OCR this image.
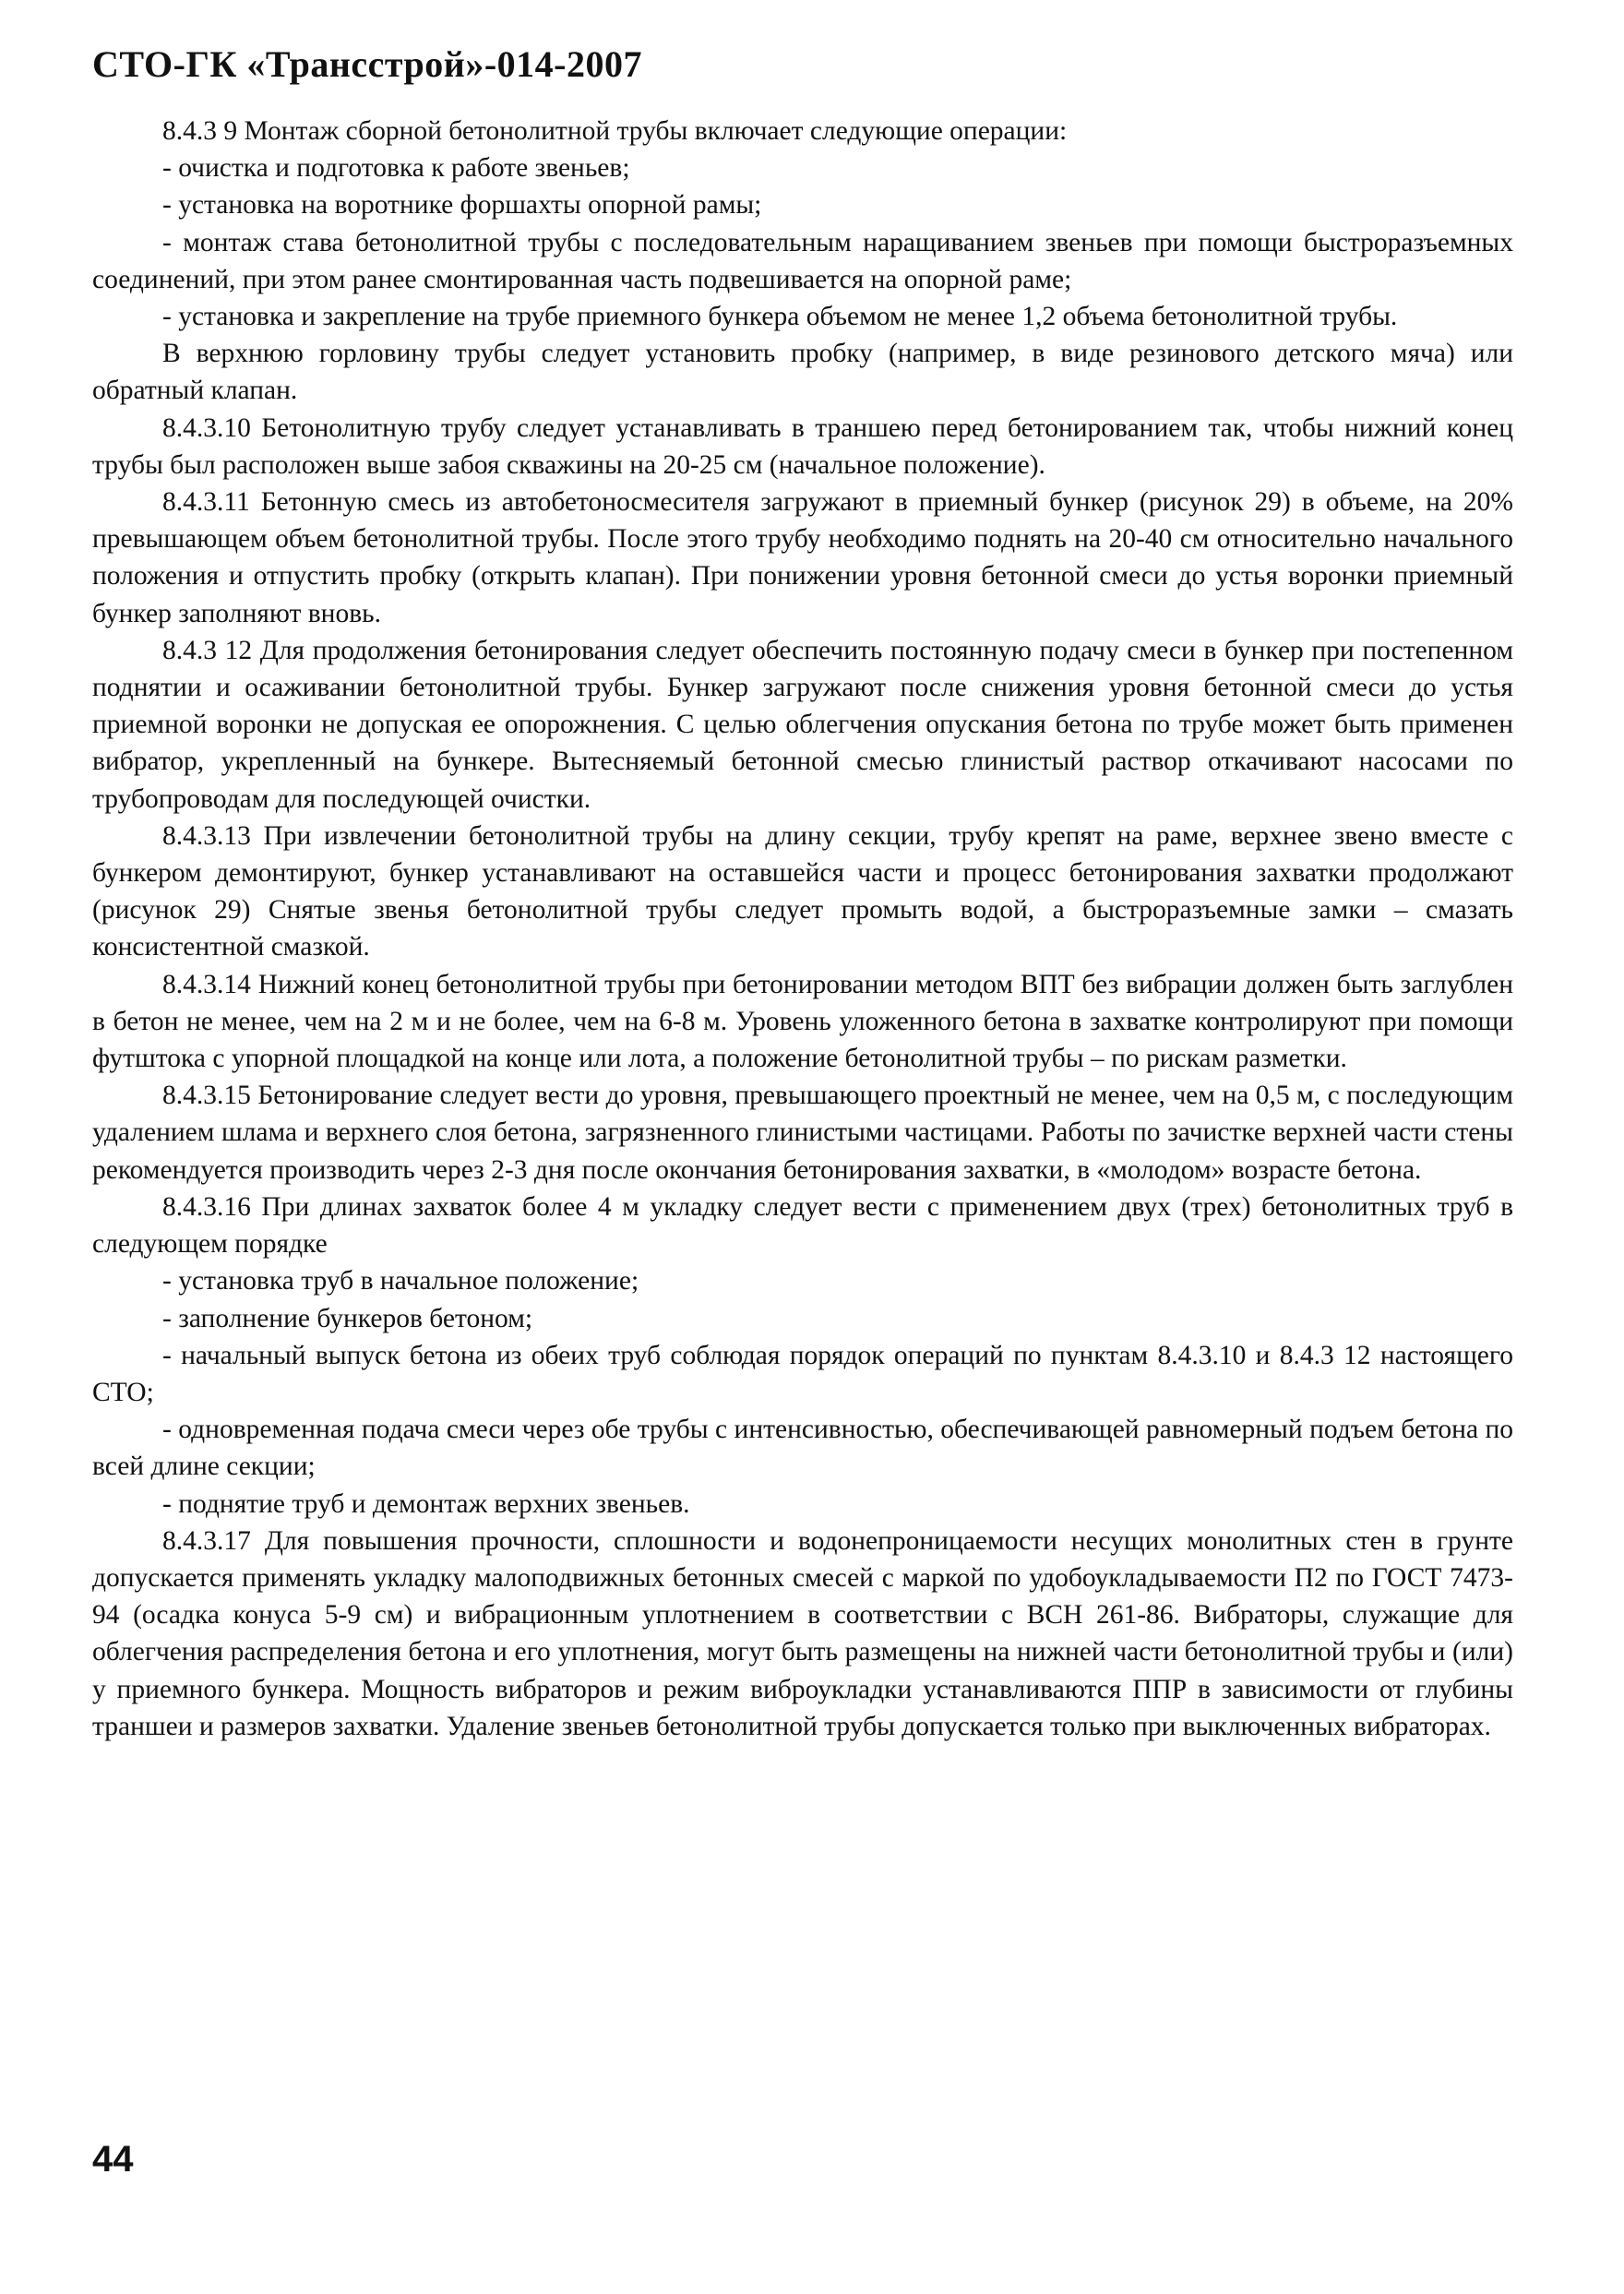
СТО-ГК «Трансстрой»-014-2007

8.4.3 9 Монтаж сборной бетонолитной трубы включает следующие операции:

- очистка и подготовка к работе звеньев;

- установка на воротнике форшахты опорной рамы;

- монтаж става бетонолитной трубы с последовательным наращиванием звеньев при помощи быстроразъемных соединений, при этом ранее смонтированная часть подвешивается на опорной раме;

- установка и закрепление на трубе приемного бункера объемом не менее 1,2 объема бетонолитной трубы.

В верхнюю горловину трубы следует установить пробку (например, в виде резинового детского мяча) или обратный клапан.

8.4.3.10 Бетонолитную трубу следует устанавливать в траншею перед бетонированием так, чтобы нижний конец трубы был расположен выше забоя скважины на 20-25 см (начальное положение).

8.4.3.11 Бетонную смесь из автобетоносмесителя загружают в приемный бункер (рисунок 29) в объеме, на 20% превышающем объем бетонолитной трубы. После этого трубу необходимо поднять на 20-40 см относительно начального положения и отпустить пробку (открыть клапан). При понижении уровня бетонной смеси до устья воронки приемный бункер заполняют вновь.

8.4.3 12 Для продолжения бетонирования следует обеспечить постоянную подачу смеси в бункер при постепенном поднятии и осаживании бетонолитной трубы. Бункер загружают после снижения уровня бетонной смеси до устья приемной воронки не допуская ее опорожнения. С целью облегчения опускания бетона по трубе может быть применен вибратор, укрепленный на бункере. Вытесняемый бетонной смесью глинистый раствор откачивают насосами по трубопроводам для последующей очистки.

8.4.3.13 При извлечении бетонолитной трубы на длину секции, трубу крепят на раме, верхнее звено вместе с бункером демонтируют, бункер устанавливают на оставшейся части и процесс бетонирования захватки продолжают (рисунок 29) Снятые звенья бетонолитной трубы следует промыть водой, а быстроразъемные замки – смазать консистентной смазкой.

8.4.3.14 Нижний конец бетонолитной трубы при бетонировании методом ВПТ без вибрации должен быть заглублен в бетон не менее, чем на 2 м и не более, чем на 6-8 м. Уровень уложенного бетона в захватке контролируют при помощи футштока с упорной площадкой на конце или лота, а положение бетонолитной трубы – по рискам разметки.

8.4.3.15 Бетонирование следует вести до уровня, превышающего проектный не менее, чем на 0,5 м, с последующим удалением шлама и верхнего слоя бетона, загрязненного глинистыми частицами. Работы по зачистке верхней части стены рекомендуется производить через 2-3 дня после окончания бетонирования захватки, в «молодом» возрасте бетона.

8.4.3.16 При длинах захваток более 4 м укладку следует вести с применением двух (трех) бетонолитных труб в следующем порядке

- установка труб в начальное положение;

- заполнение бункеров бетоном;

- начальный выпуск бетона из обеих труб соблюдая порядок операций по пунктам 8.4.3.10 и 8.4.3 12 настоящего СТО;

- одновременная подача смеси через обе трубы с интенсивностью, обеспечивающей равномерный подъем бетона по всей длине секции;

- поднятие труб и демонтаж верхних звеньев.

8.4.3.17 Для повышения прочности, сплошности и водонепроницаемости несущих монолитных стен в грунте допускается применять укладку малоподвижных бетонных смесей с маркой по удобоукладываемости П2 по ГОСТ 7473-94 (осадка конуса 5-9 см) и вибрационным уплотнением в соответствии с ВСН 261-86. Вибраторы, служащие для облегчения распределения бетона и его уплотнения, могут быть размещены на нижней части бетонолитной трубы и (или) у приемного бункера. Мощность вибраторов и режим виброукладки устанавливаются ППР в зависимости от глубины траншеи и размеров захватки. Удаление звеньев бетонолитной трубы допускается только при выключенных вибраторах.

44
